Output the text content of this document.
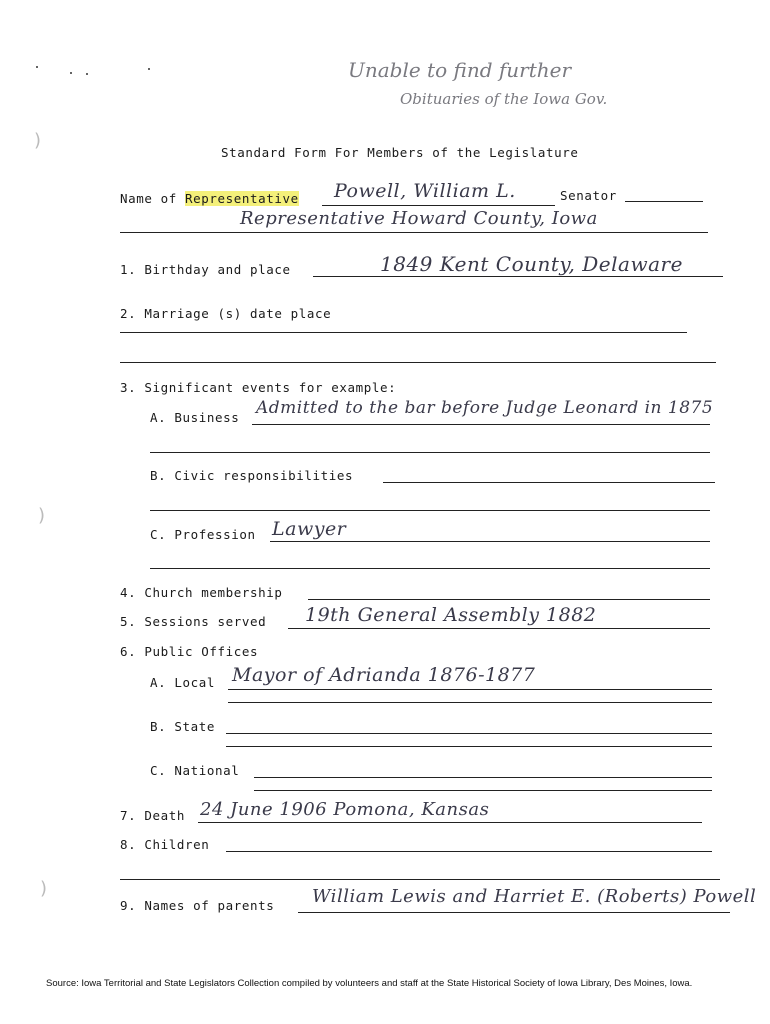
)
)
)
Unable to find further
Obituaries of the Iowa Gov.
Standard Form For Members of the Legislature
Name of Representative Powell, William L.	Senator
Representative Howard County, Iowa
1. Birthday and place	1849 Kent County, Delaware
2. Marriage (s) date place
3. Significant events for example:
A. Business Admitted to the bar before Judge Leonard in 1875
B. Civic responsibilities
C. Profession Lawyer
4. Church membership
5. Sessions served 19th General Assembly 1882
6. Public Offices
A. Local Mayor of Adrianda 1876-1877
B. State
C. National
7. Death 24 June 1906 Pomona, Kansas
8. Children
9. Names of parents William Lewis and Harriet E. (Roberts) Powell
Source: Iowa Territorial and State Legislators Collection compiled by volunteers and staff at the State Historical Society of Iowa Library, Des Moines, Iowa.
